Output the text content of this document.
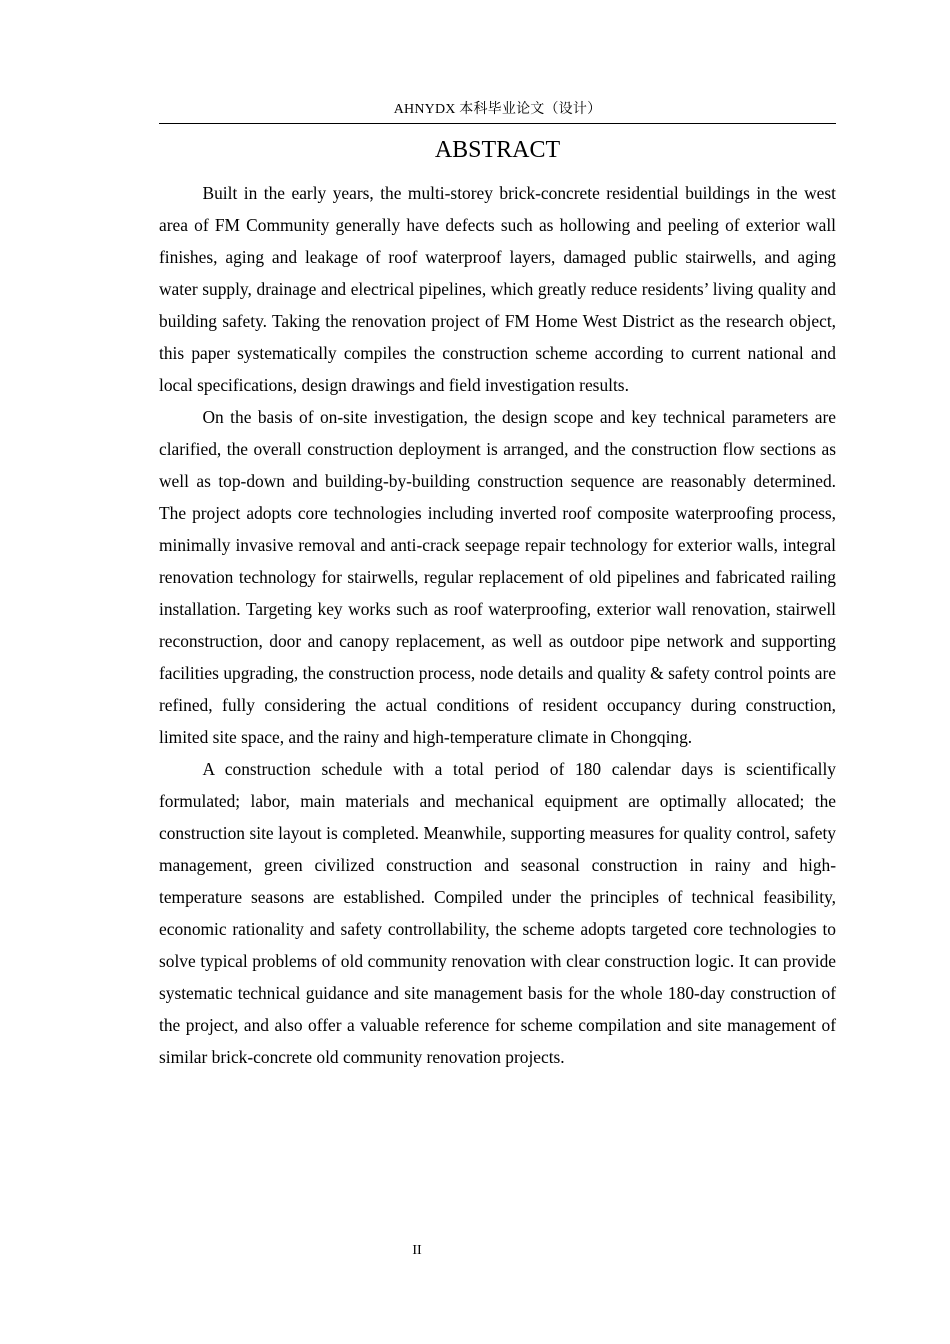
AHNYDX 本科毕业论文（设计）
ABSTRACT

Built in the early years, the multi-storey brick-concrete residential buildings in the west area of FM Community generally have defects such as hollowing and peeling of exterior wall finishes, aging and leakage of roof waterproof layers, damaged public stairwells, and aging water supply, drainage and electrical pipelines, which greatly reduce residents’ living quality and building safety. Taking the renovation project of FM Home West District as the research object, this paper systematically compiles the construction scheme according to current national and local specifications, design drawings and field investigation results.

On the basis of on-site investigation, the design scope and key technical parameters are clarified, the overall construction deployment is arranged, and the construction flow sections as well as top-down and building-by-building construction sequence are reasonably determined. The project adopts core technologies including inverted roof composite waterproofing process, minimally invasive removal and anti-crack seepage repair technology for exterior walls, integral renovation technology for stairwells, regular replacement of old pipelines and fabricated railing installation. Targeting key works such as roof waterproofing, exterior wall renovation, stairwell reconstruction, door and canopy replacement, as well as outdoor pipe network and supporting facilities upgrading, the construction process, node details and quality & safety control points are refined, fully considering the actual conditions of resident occupancy during construction, limited site space, and the rainy and high-temperature climate in Chongqing.

A construction schedule with a total period of 180 calendar days is scientifically formulated; labor, main materials and mechanical equipment are optimally allocated; the construction site layout is completed. Meanwhile, supporting measures for quality control, safety management, green civilized construction and seasonal construction in rainy and high-temperature seasons are established. Compiled under the principles of technical feasibility, economic rationality and safety controllability, the scheme adopts targeted core technologies to solve typical problems of old community renovation with clear construction logic. It can provide systematic technical guidance and site management basis for the whole 180-day construction of the project, and also offer a valuable reference for scheme compilation and site management of similar brick-concrete old community renovation projects.

II
